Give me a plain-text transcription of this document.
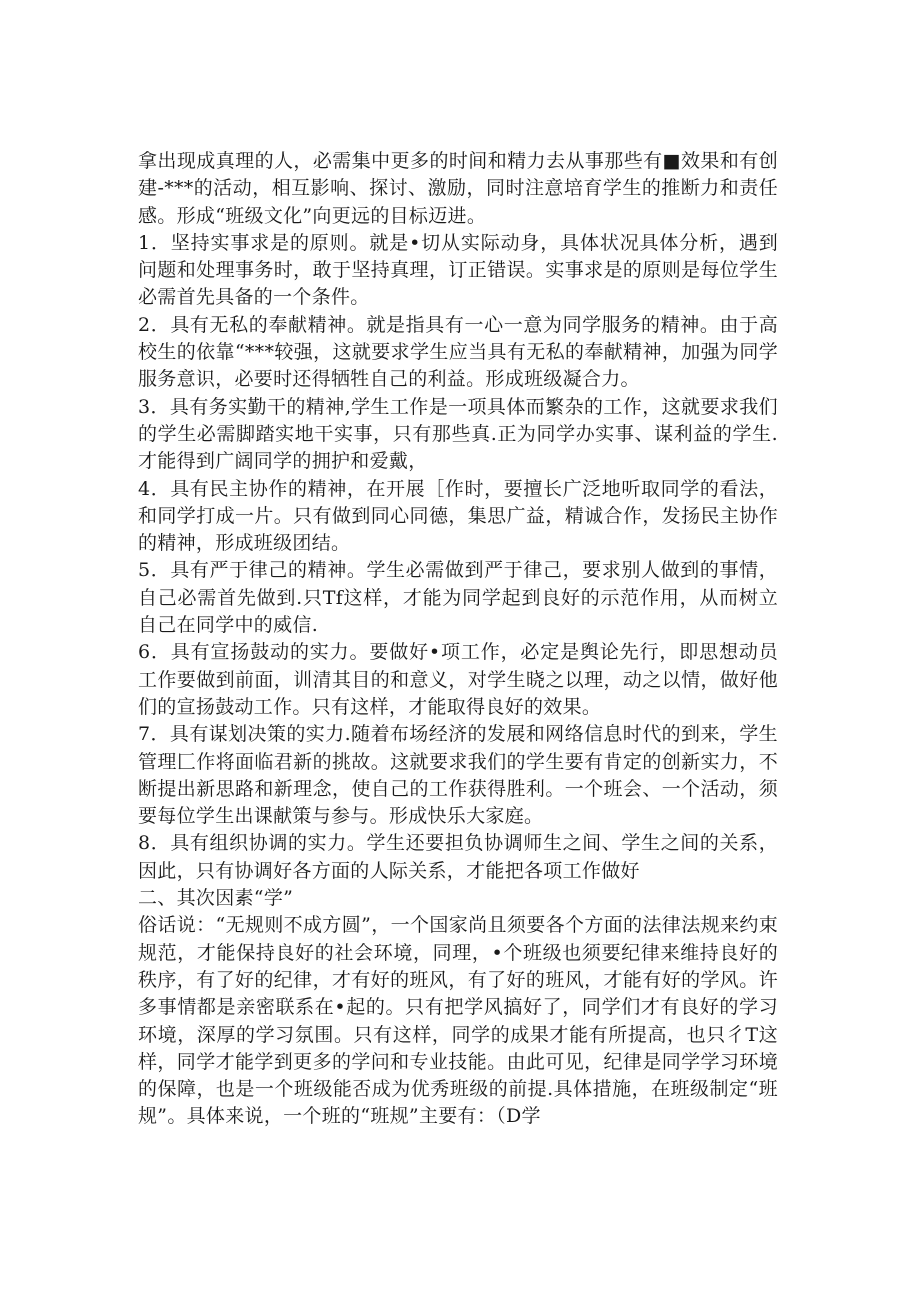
拿出现成真理的人，必需集中更多的时间和精力去从事那些有■效果和有创建-***的活动，相互影响、探讨、激励，同时注意培育学生的推断力和责任感。形成“班级文化”向更远的目标迈进。

1．坚持实事求是的原则。就是•切从实际动身，具体状况具体分析，遇到问题和处理事务时，敢于坚持真理，订正错误。实事求是的原则是每位学生必需首先具备的一个条件。

2．具有无私的奉献精神。就是指具有一心一意为同学服务的精神。由于高校生的依靠“***较强，这就要求学生应当具有无私的奉献精神，加强为同学服务意识，必要时还得牺牲自己的利益。形成班级凝合力。

3．具有务实勤干的精神,学生工作是一项具体而繁杂的工作，这就要求我们的学生必需脚踏实地干实事，只有那些真.正为同学办实事、谋利益的学生.才能得到广阔同学的拥护和爱戴，

4．具有民主协作的精神，在开展［作时，要擅长广泛地听取同学的看法，和同学打成一片。只有做到同心同德，集思广益，精诚合作，发扬民主协作的精神，形成班级团结。

5．具有严于律己的精神。学生必需做到严于律己，要求别人做到的事情，自己必需首先做到.只Tf这样，才能为同学起到良好的示范作用，从而树立自己在同学中的威信.

6．具有宣扬鼓动的实力。要做好•项工作，必定是舆论先行，即思想动员工作要做到前面，训清其目的和意义，对学生晓之以理，动之以情，做好他们的宣扬鼓动工作。只有这样，才能取得良好的效果。

7．具有谋划决策的实力.随着布场经济的发展和网络信息时代的到来，学生管理匚作将面临君新的挑故。这就要求我们的学生要有肯定的创新实力，不断提出新思路和新理念，使自己的工作获得胜利。一个班会、一个活动，须要每位学生出课献策与参与。形成快乐大家庭。

8．具有组织协调的实力。学生还要担负协调师生之间、学生之间的关系，因此，只有协调好各方面的人际关系，才能把各项工作做好

二、其次因素“学”

俗话说：“无规则不成方圆”，一个国家尚且须要各个方面的法律法规来约束规范，才能保持良好的社会环境，同理，•个班级也须要纪律来维持良好的秩序，有了好的纪律，才有好的班风，有了好的班风，才能有好的学风。许多事情都是亲密联系在•起的。只有把学风搞好了，同学们才有良好的学习环境，深厚的学习氛围。只有这样，同学的成果才能有所提高，也只彳T这样，同学才能学到更多的学问和专业技能。由此可见，纪律是同学学习环境的保障，也是一个班级能否成为优秀班级的前提.具体措施，在班级制定“班规”。具体来说，一个班的“班规”主要有：（D学
